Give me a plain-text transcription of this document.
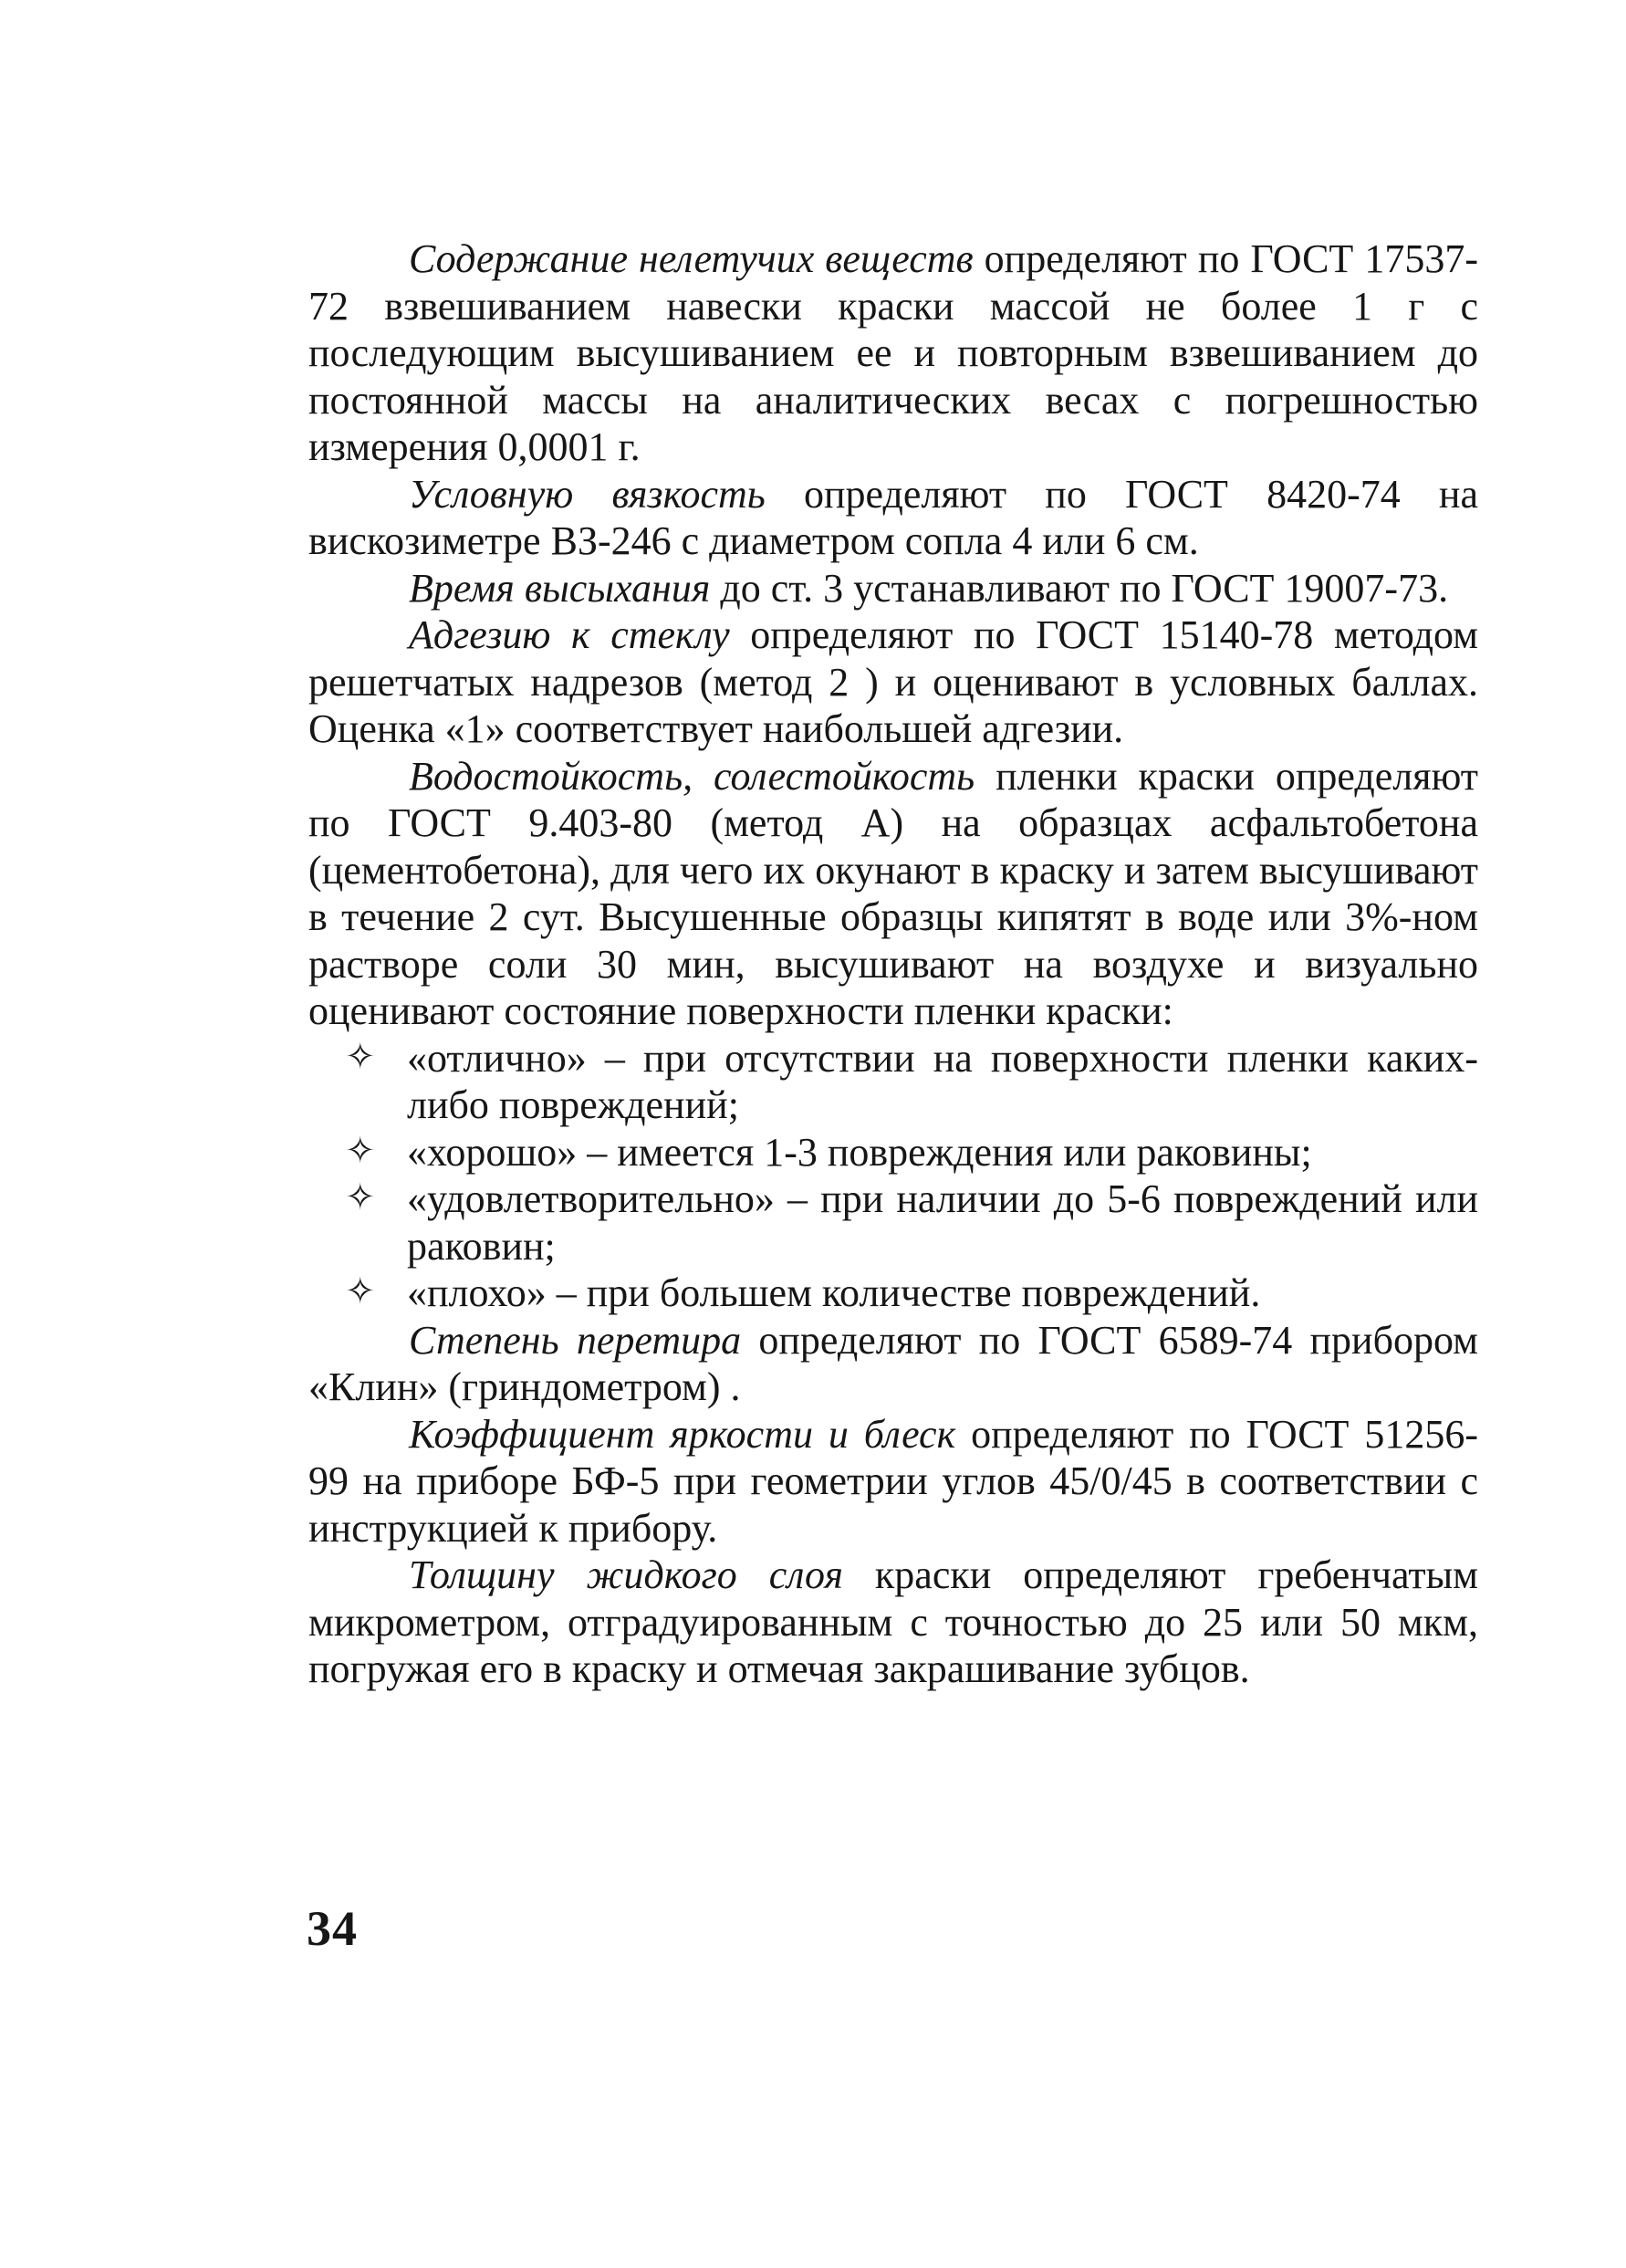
Содержание нелетучих веществ определяют по ГОСТ 17537-72 взвешиванием навески краски массой не более 1 г с последующим высушиванием ее и повторным взвешиванием до постоянной массы на аналитических весах с погрешностью измерения 0,0001 г.

Условную вязкость определяют по ГОСТ 8420-74 на вискозиметре ВЗ-246 с диаметром сопла 4 или 6 см.

Время высыхания до ст. 3 устанавливают по ГОСТ 19007-73.

Адгезию к стеклу определяют по ГОСТ 15140-78 методом решетчатых надрезов (метод 2 ) и оценивают в условных баллах. Оценка «1» соответствует наибольшей адгезии.

Водостойкость, солестойкость пленки краски определяют по ГОСТ 9.403-80 (метод А) на образцах асфальтобетона (цементобетона), для чего их окунают в краску и затем высушивают в течение 2 сут. Высушенные образцы кипятят в воде или 3%-ном растворе соли 30 мин, высушивают на воздухе и визуально оценивают состояние поверхности пленки краски:

✧ «отлично» – при отсутствии на поверхности пленки каких-либо повреждений;
✧ «хорошо» – имеется 1-3 повреждения или раковины;
✧ «удовлетворительно» – при наличии до 5-6 повреждений или раковин;
✧ «плохо» – при большем количестве повреждений.

Степень перетира определяют по ГОСТ 6589-74 прибором «Клин» (гриндометром) .

Коэффициент яркости и блеск определяют по ГОСТ 51256-99 на приборе БФ-5 при геометрии углов 45/0/45 в соответствии с инструкцией к прибору.

Толщину жидкого слоя краски определяют гребенчатым микрометром, отградуированным с точностью до 25 или 50 мкм, погружая его в краску и отмечая закрашивание зубцов.

34
